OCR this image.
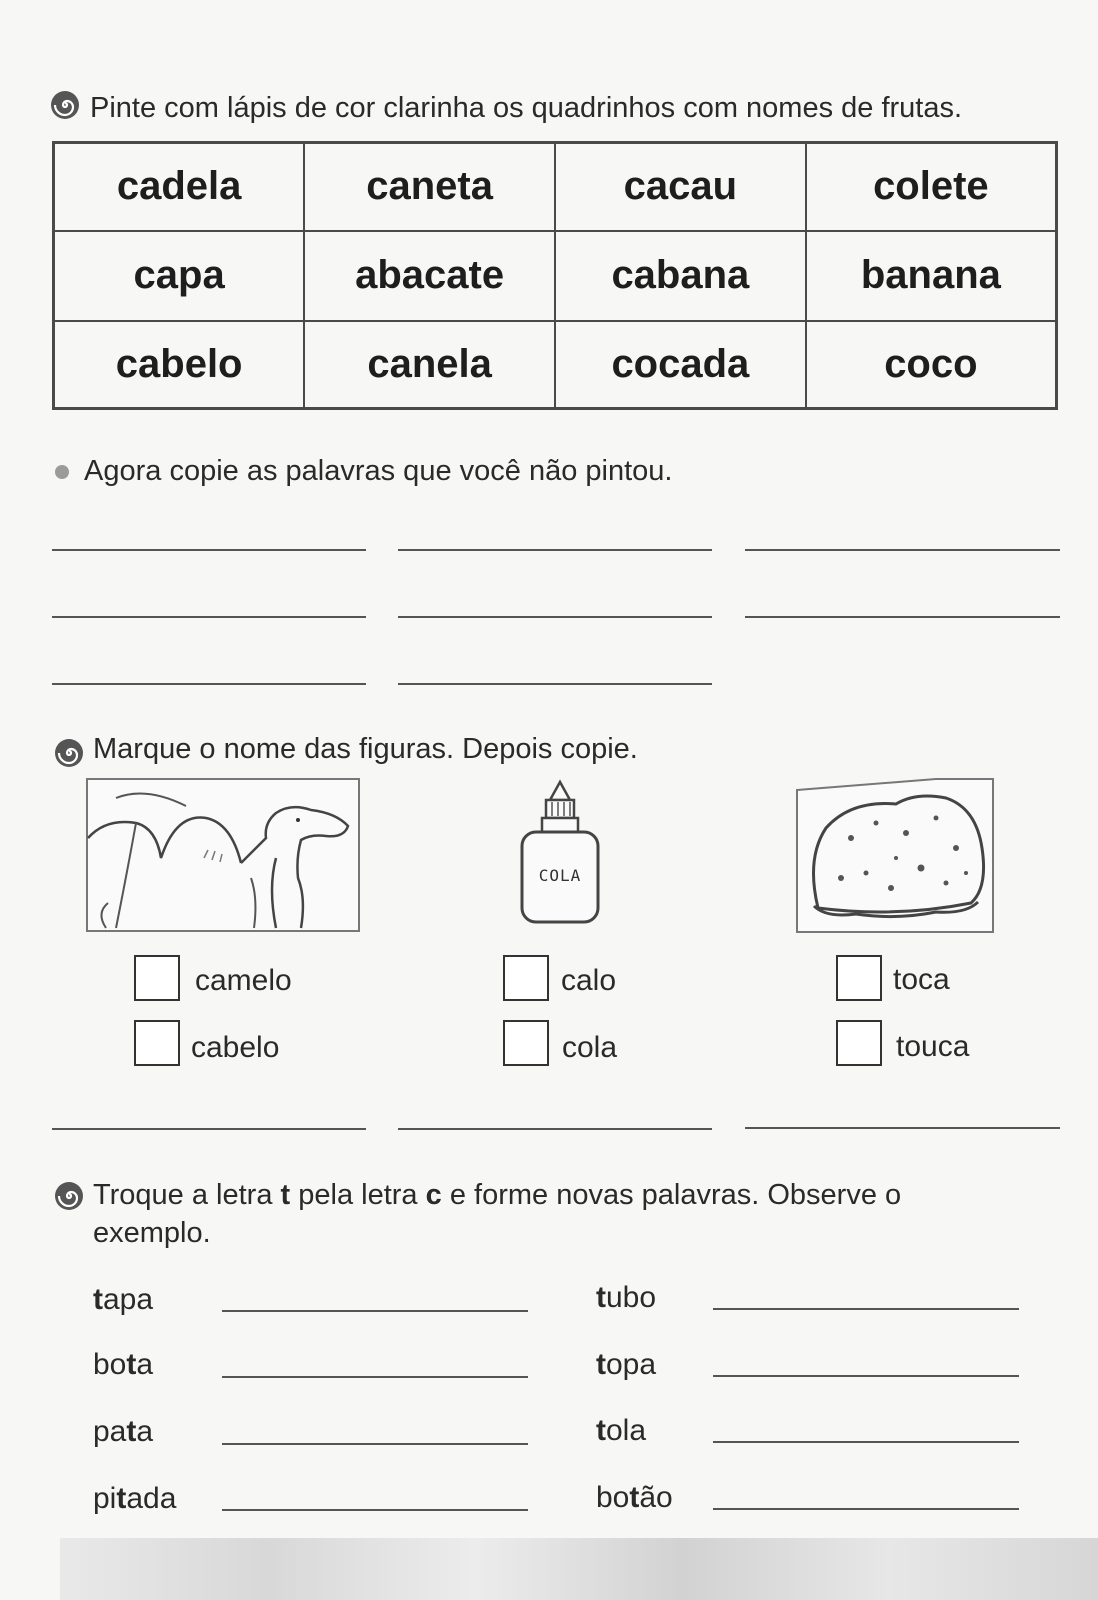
Pinte com lápis de cor clarinha os quadrinhos com nomes de frutas.
cadela	caneta	cacau	colete
capa	abacate	cabana	banana
cabelo	canela	cocada	coco
Agora copie as palavras que você não pintou.
Marque o nome das figuras. Depois copie.
COLA
camelo
cabelo
calo
cola
toca
touca
Troque a letra t pela letra c e forme novas palavras. Observe o
exemplo.
tapa
bota
pata
pitada
tubo
topa
tola
botão
